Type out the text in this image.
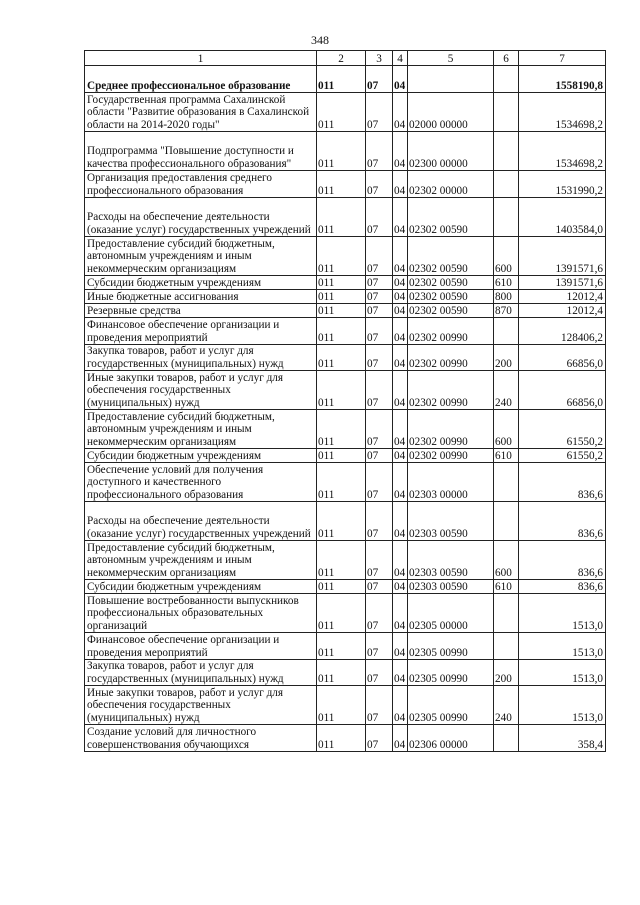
348
1	2	3	4	5	6	7
Среднее профессиональное образование	011	07	04			1558190,8
Государственная программа Сахалинской области "Развитие образования в Сахалинской области на 2014-2020 годы"	011	07	04	02000 00000		1534698,2
Подпрограмма "Повышение доступности и качества профессионального образования"	011	07	04	02300 00000		1534698,2
Организация предоставления среднего профессионального образования	011	07	04	02302 00000		1531990,2
Расходы на обеспечение деятельности (оказание услуг) государственных учреждений	011	07	04	02302 00590		1403584,0
Предоставление субсидий бюджетным, автономным учреждениям и иным некоммерческим организациям	011	07	04	02302 00590	600	1391571,6
Субсидии бюджетным учреждениям	011	07	04	02302 00590	610	1391571,6
Иные бюджетные ассигнования	011	07	04	02302 00590	800	12012,4
Резервные средства	011	07	04	02302 00590	870	12012,4
Финансовое обеспечение организации и проведения мероприятий	011	07	04	02302 00990		128406,2
Закупка товаров, работ и услуг для государственных (муниципальных) нужд	011	07	04	02302 00990	200	66856,0
Иные закупки товаров, работ и услуг для обеспечения государственных (муниципальных) нужд	011	07	04	02302 00990	240	66856,0
Предоставление субсидий бюджетным, автономным учреждениям и иным некоммерческим организациям	011	07	04	02302 00990	600	61550,2
Субсидии бюджетным учреждениям	011	07	04	02302 00990	610	61550,2
Обеспечение условий для получения доступного и качественного профессионального образования	011	07	04	02303 00000		836,6
Расходы на обеспечение деятельности (оказание услуг) государственных учреждений	011	07	04	02303 00590		836,6
Предоставление субсидий бюджетным, автономным учреждениям и иным некоммерческим организациям	011	07	04	02303 00590	600	836,6
Субсидии бюджетным учреждениям	011	07	04	02303 00590	610	836,6
Повышение востребованности выпускников профессиональных образовательных организаций	011	07	04	02305 00000		1513,0
Финансовое обеспечение организации и проведения мероприятий	011	07	04	02305 00990		1513,0
Закупка товаров, работ и услуг для государственных (муниципальных) нужд	011	07	04	02305 00990	200	1513,0
Иные закупки товаров, работ и услуг для обеспечения государственных (муниципальных) нужд	011	07	04	02305 00990	240	1513,0
Создание условий для личностного совершенствования обучающихся	011	07	04	02306 00000		358,4
